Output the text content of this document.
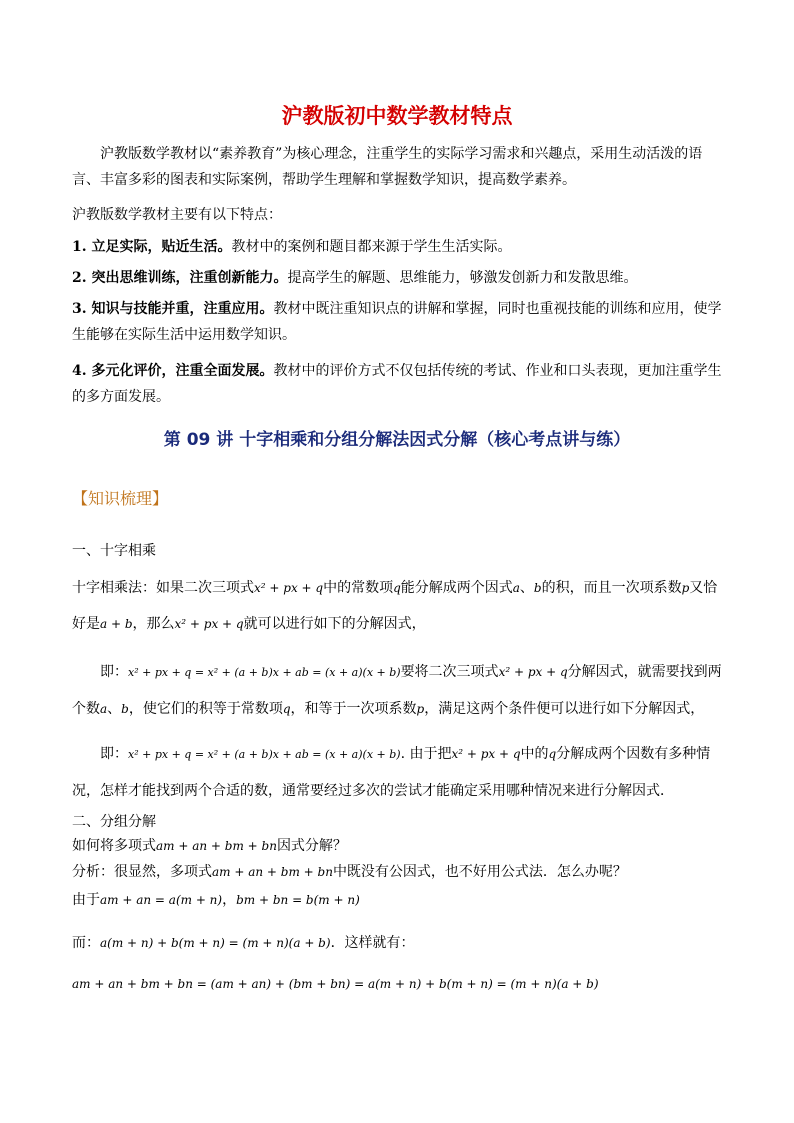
沪教版初中数学教材特点
沪教版数学教材以“素养教育”为核心理念，注重学生的实际学习需求和兴趣点，采用生动活泼的语言、丰富多彩的图表和实际案例，帮助学生理解和掌握数学知识，提高数学素养。
沪教版数学教材主要有以下特点：
1. 立足实际，贴近生活。教材中的案例和题目都来源于学生生活实际。
2. 突出思维训练，注重创新能力。提高学生的解题、思维能力，够激发创新力和发散思维。
3. 知识与技能并重，注重应用。教材中既注重知识点的讲解和掌握，同时也重视技能的训练和应用，使学生能够在实际生活中运用数学知识。
4. 多元化评价，注重全面发展。教材中的评价方式不仅包括传统的考试、作业和口头表现，更加注重学生的多方面发展。
第 09 讲 十字相乘和分组分解法因式分解（核心考点讲与练）
【知识梳理】
一、十字相乘
十字相乘法：如果二次三项式x² + px + q中的常数项q能分解成两个因式a、b的积，而且一次项系数p又恰好是a + b，那么x² + px + q就可以进行如下的分解因式，
即：x² + px + q = x² + (a + b)x + ab = (x + a)(x + b)要将二次三项式x² + px + q分解因式，就需要找到两个数a、b，使它们的积等于常数项q，和等于一次项系数p，满足这两个条件便可以进行如下分解因式，
即：x² + px + q = x² + (a + b)x + ab = (x + a)(x + b). 由于把x² + px + q中的q分解成两个因数有多种情况，怎样才能找到两个合适的数，通常要经过多次的尝试才能确定采用哪种情况来进行分解因式．
二、分组分解
如何将多项式am + an + bm + bn因式分解？
分析：很显然，多项式am + an + bm + bn中既没有公因式，也不好用公式法．怎么办呢？
由于am + an = a(m + n)，bm + bn = b(m + n)
而：a(m + n) + b(m + n) = (m + n)(a + b)．这样就有：
am + an + bm + bn = (am + an) + (bm + bn) = a(m + n) + b(m + n) = (m + n)(a + b)
